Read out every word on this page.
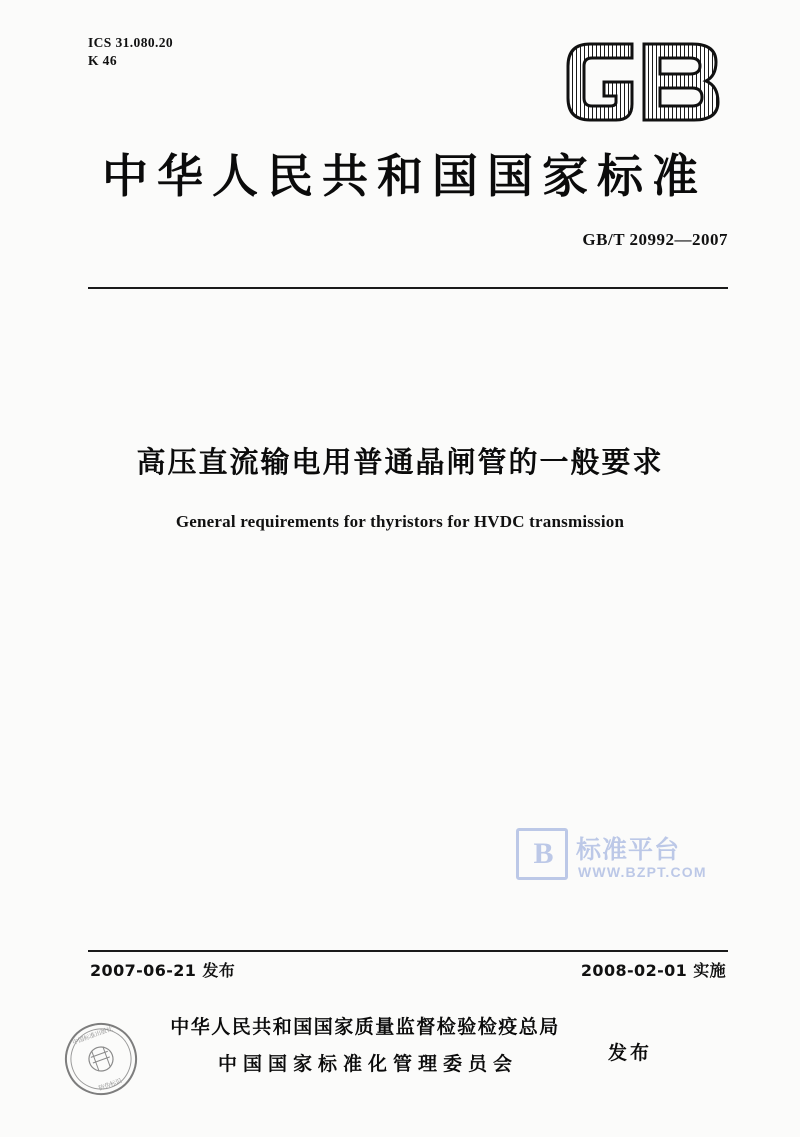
ICS 31.080.20
K 46
中华人民共和国国家标准
GB/T 20992—2007
高压直流输电用普通晶闸管的一般要求
General requirements for thyristors for HVDC transmission
B	标准平台
WWW.BZPT.COM
2007-06-21 发布	2008-02-01 实施
中华人民共和国国家质量监督检验检疫总局
中国国家标准化管理委员会	发布
中国标准出版社
防伪标识
